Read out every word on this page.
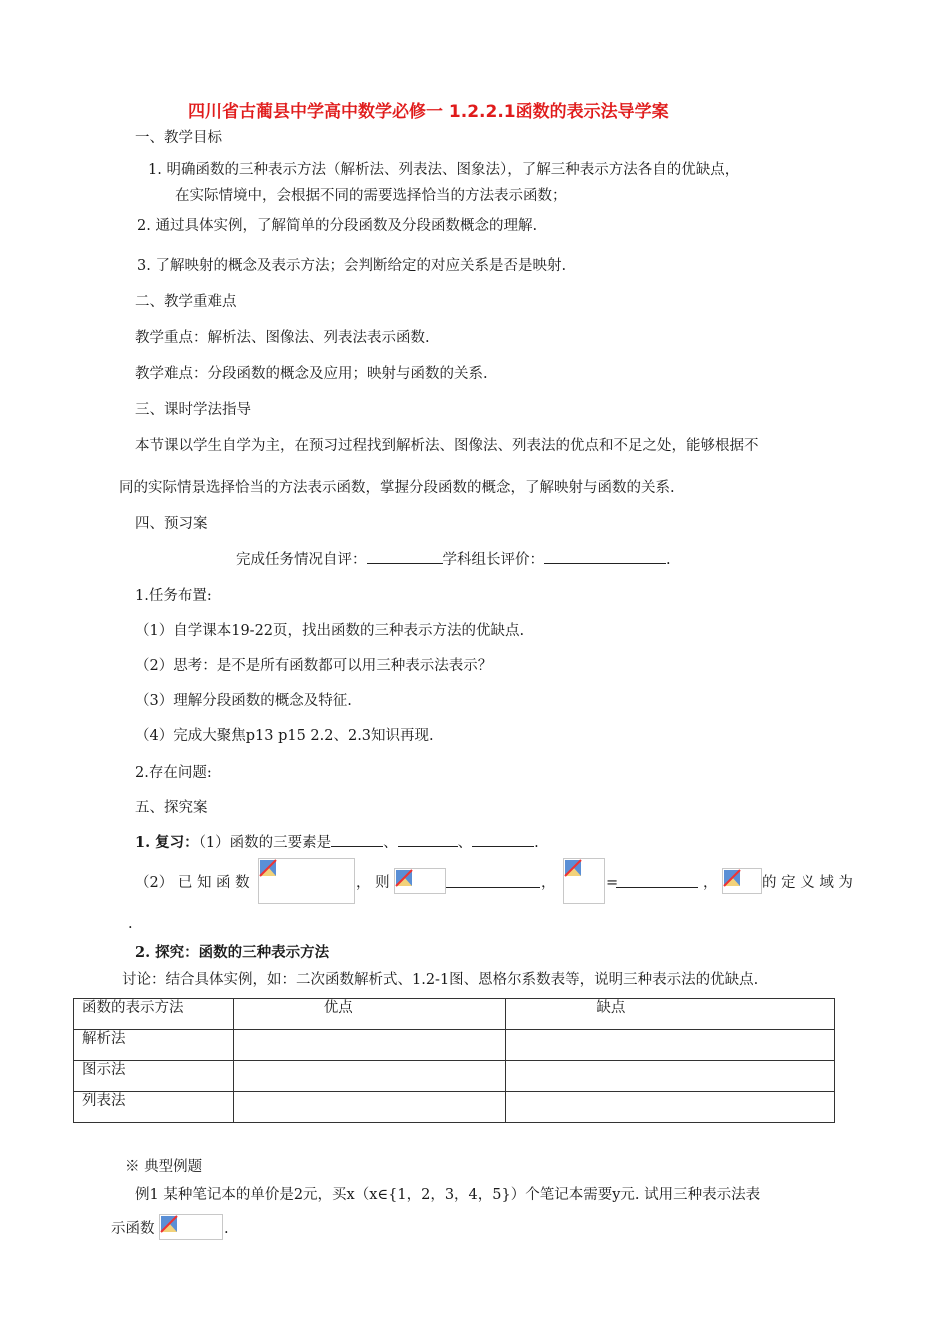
四川省古蔺县中学高中数学必修一 1.2.2.1函数的表示法导学案
一、教学目标
1. 明确函数的三种表示方法（解析法、列表法、图象法），了解三种表示方法各自的优缺点，
在实际情境中，会根据不同的需要选择恰当的方法表示函数；
2. 通过具体实例，了解简单的分段函数及分段函数概念的理解.
3. 了解映射的概念及表示方法；会判断给定的对应关系是否是映射.
二、教学重难点
教学重点：解析法、图像法、列表法表示函数.
教学难点：分段函数的概念及应用；映射与函数的关系.
三、课时学法指导
本节课以学生自学为主，在预习过程找到解析法、图像法、列表法的优点和不足之处，能够根据不
同的实际情景选择恰当的方法表示函数，掌握分段函数的概念，了解映射与函数的关系.
四、预习案
完成任务情况自评：	学科组长评价：	.
1.任务布置:
（1）自学课本19-22页，找出函数的三种表示方法的优缺点.
（2）思考：是不是所有函数都可以用三种表示法表示？
（3）理解分段函数的概念及特征.
（4）完成大聚焦p13 p15 2.2、2.3知识再现.
2.存在问题:
五、探究案
1. 复习：（1）函数的三要素是	、	、	.
（2） 已 知 函 数	， 则	，	=	，	的 定 义 域 为
.
2. 探究：函数的三种表示方法
讨论：结合具体实例，如：二次函数解析式、1.2-1图、恩格尔系数表等，说明三种表示法的优缺点.
函数的表示方法	优点	缺点
解析法		
图示法		
列表法		
※ 典型例题
例1 某种笔记本的单价是2元，买x（x∈{1，2，3，4，5}）个笔记本需要y元. 试用三种表示法表
示函数	.
